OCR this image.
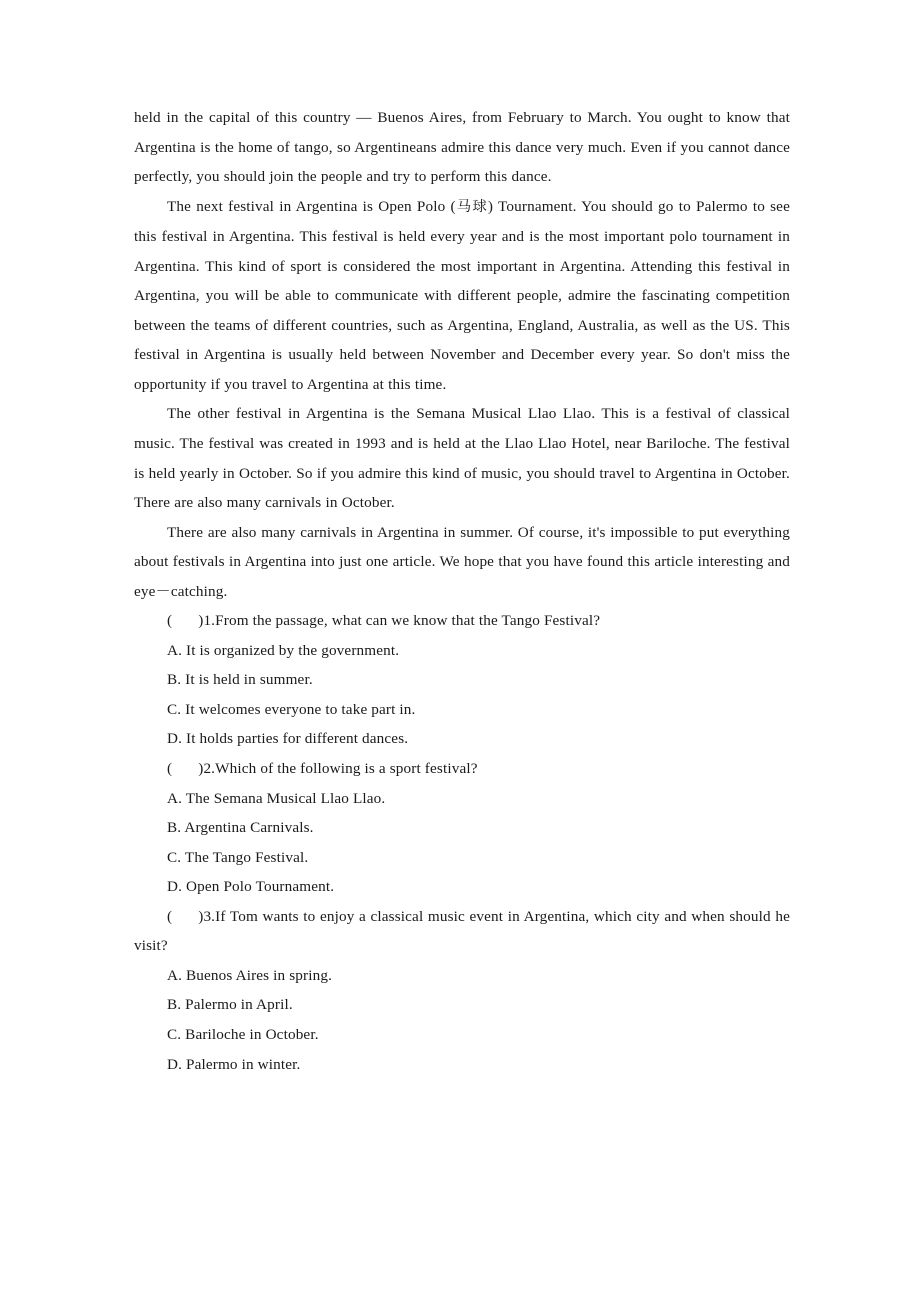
held in the capital of this country — Buenos Aires, from February to March. You ought to know that Argentina is the home of tango, so Argentineans admire this dance very much. Even if you cannot dance perfectly, you should join the people and try to perform this dance.

The next festival in Argentina is Open Polo (马球) Tournament. You should go to Palermo to see this festival in Argentina. This festival is held every year and is the most important polo tournament in Argentina. This kind of sport is considered the most important in Argentina. Attending this festival in Argentina, you will be able to communicate with different people, admire the fascinating competition between the teams of different countries, such as Argentina, England, Australia, as well as the US. This festival in Argentina is usually held between November and December every year. So don't miss the opportunity if you travel to Argentina at this time.

The other festival in Argentina is the Semana Musical Llao Llao. This is a festival of classical music. The festival was created in 1993 and is held at the Llao Llao Hotel, near Bariloche. The festival is held yearly in October. So if you admire this kind of music, you should travel to Argentina in October. There are also many carnivals in October.

There are also many carnivals in Argentina in summer. Of course, it's impossible to put everything about festivals in Argentina into just one article. We hope that you have found this article interesting and eye－catching.

( )1.From the passage, what can we know that the Tango Festival?

A. It is organized by the government.

B. It is held in summer.

C. It welcomes everyone to take part in.

D. It holds parties for different dances.

( )2.Which of the following is a sport festival?

A. The Semana Musical Llao Llao.

B. Argentina Carnivals.

C. The Tango Festival.

D. Open Polo Tournament.

( )3.If Tom wants to enjoy a classical music event in Argentina, which city and when should he visit?

A. Buenos Aires in spring.

B. Palermo in April.

C. Bariloche in October.

D. Palermo in winter.
